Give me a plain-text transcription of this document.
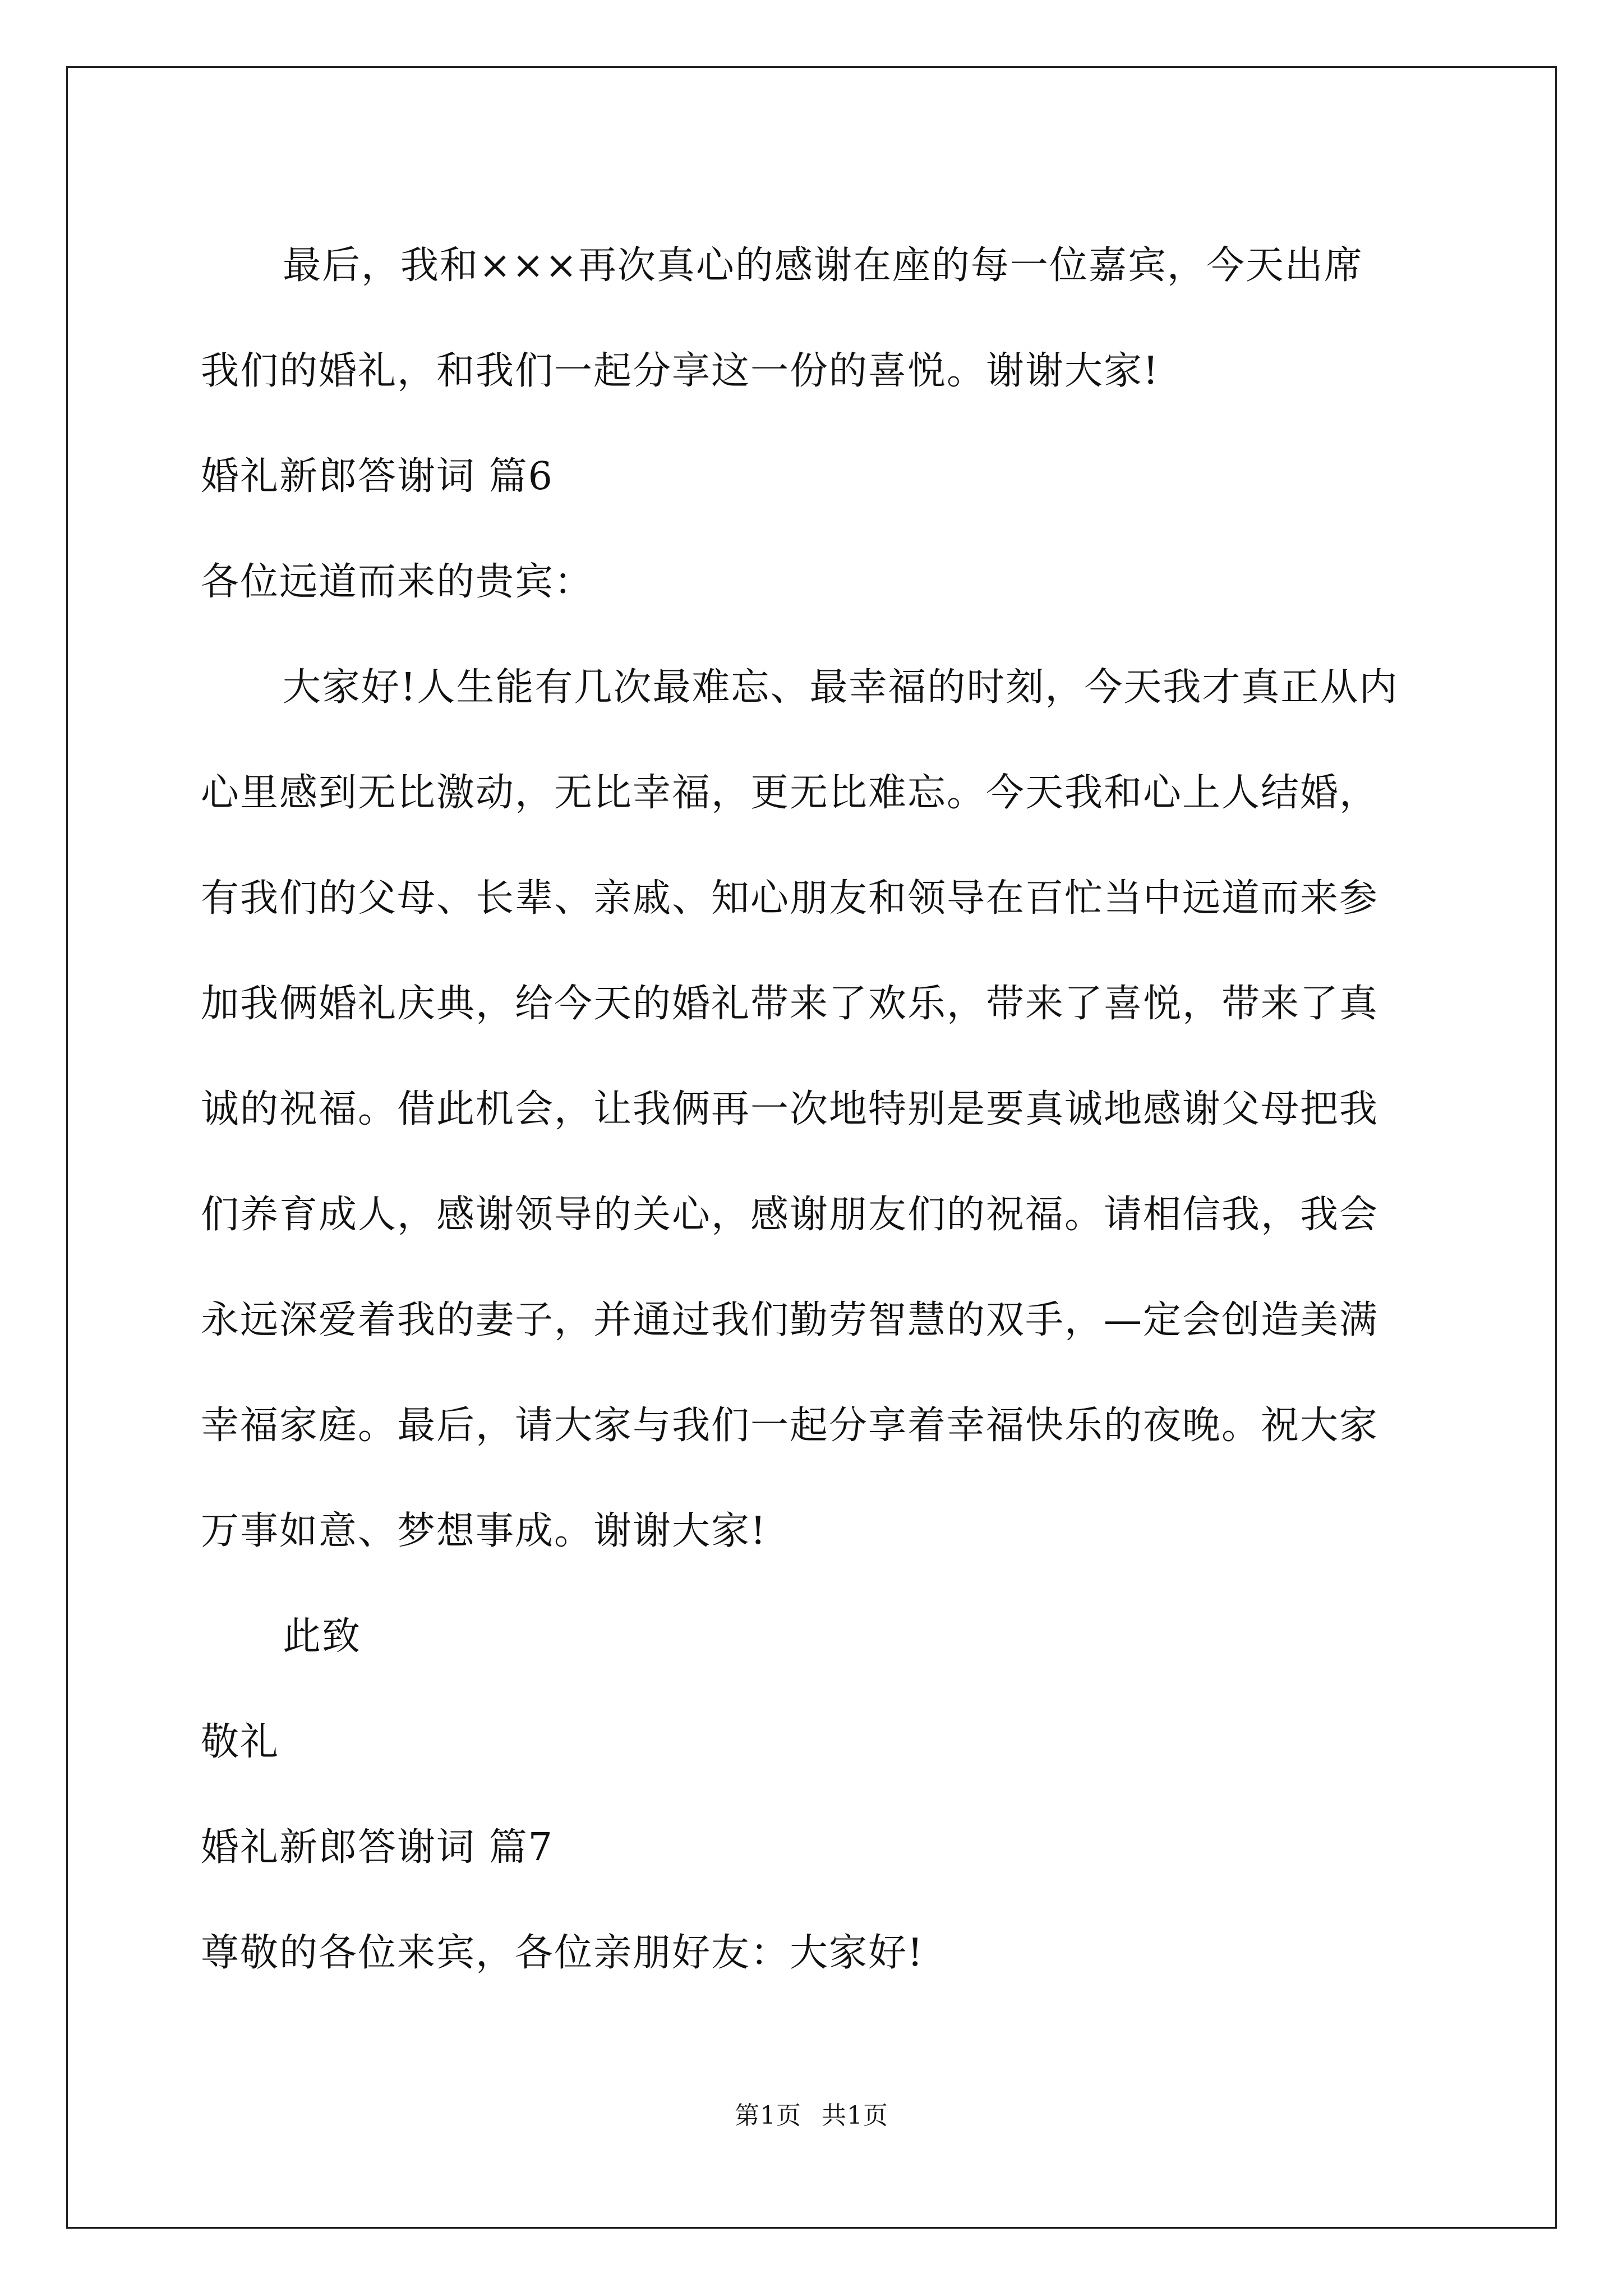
最后，我和×××再次真心的感谢在座的每一位嘉宾，今天出席
我们的婚礼，和我们一起分享这一份的喜悦。谢谢大家!
婚礼新郎答谢词 篇6
各位远道而来的贵宾：
大家好!人生能有几次最难忘、最幸福的时刻，今天我才真正从内
心里感到无比激动，无比幸福，更无比难忘。今天我和心上人结婚，
有我们的父母、长辈、亲戚、知心朋友和领导在百忙当中远道而来参
加我俩婚礼庆典，给今天的婚礼带来了欢乐，带来了喜悦，带来了真
诚的祝福。借此机会，让我俩再一次地特别是要真诚地感谢父母把我
们养育成人，感谢领导的关心，感谢朋友们的祝福。请相信我，我会
永远深爱着我的妻子，并通过我们勤劳智慧的双手，—定会创造美满
幸福家庭。最后，请大家与我们一起分享着幸福快乐的夜晚。祝大家
万事如意、梦想事成。谢谢大家!
此致
敬礼
婚礼新郎答谢词 篇7
尊敬的各位来宾，各位亲朋好友：大家好!
第1页 共1页
